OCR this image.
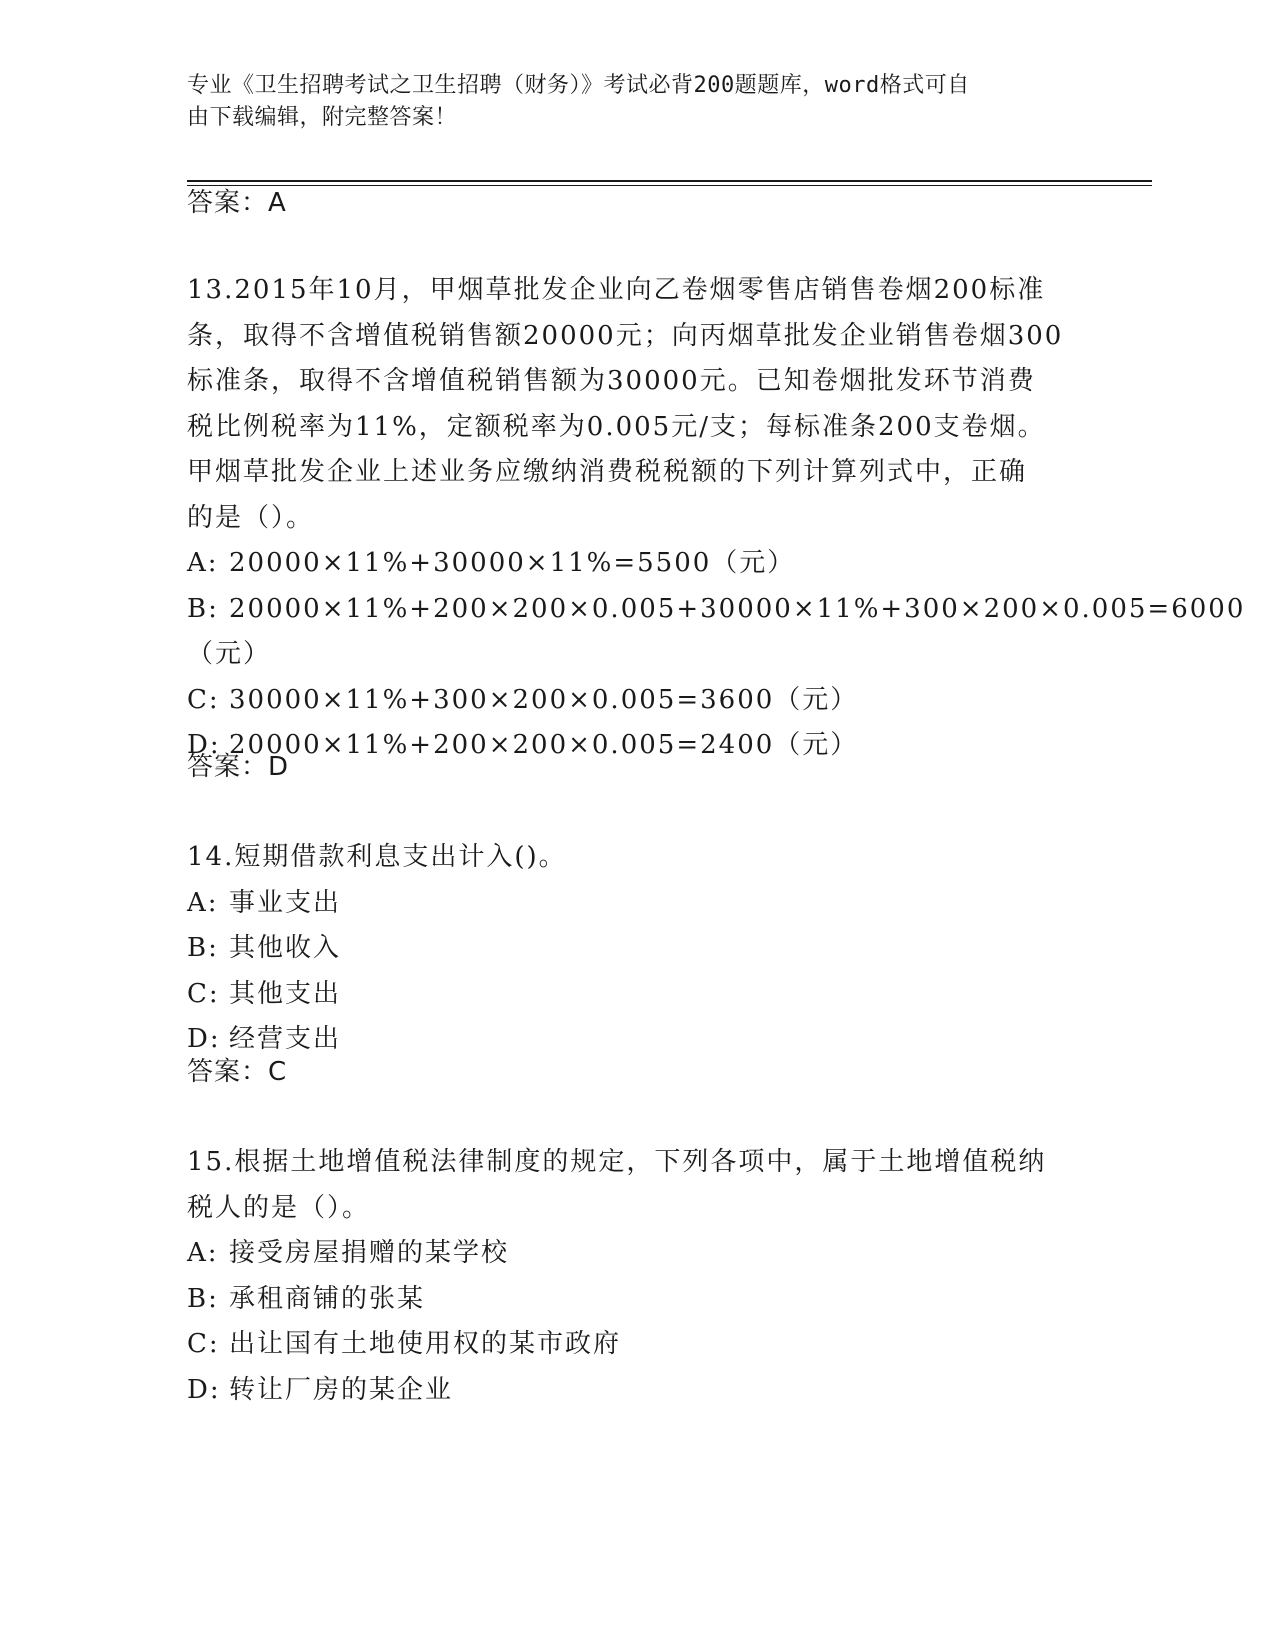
专业《卫生招聘考试之卫生招聘（财务）》考试必背200题题库，word格式可自
由下载编辑，附完整答案！
答案：A
13.2015年10月，甲烟草批发企业向乙卷烟零售店销售卷烟200标准
条，取得不含增值税销售额20000元；向丙烟草批发企业销售卷烟300
标准条，取得不含增值税销售额为30000元。已知卷烟批发环节消费
税比例税率为11%，定额税率为0.005元/支；每标准条200支卷烟。
甲烟草批发企业上述业务应缴纳消费税税额的下列计算列式中，正确
的是（）。
A: 20000×11%+30000×11%=5500（元）
B: 20000×11%+200×200×0.005+30000×11%+300×200×0.005=6000
（元）
C: 30000×11%+300×200×0.005=3600（元）
D: 20000×11%+200×200×0.005=2400（元）
答案：D
14.短期借款利息支出计入()。
A: 事业支出
B: 其他收入
C: 其他支出
D: 经营支出
答案：C
15.根据土地增值税法律制度的规定，下列各项中，属于土地增值税纳
税人的是（）。
A: 接受房屋捐赠的某学校
B: 承租商铺的张某
C: 出让国有土地使用权的某市政府
D: 转让厂房的某企业
